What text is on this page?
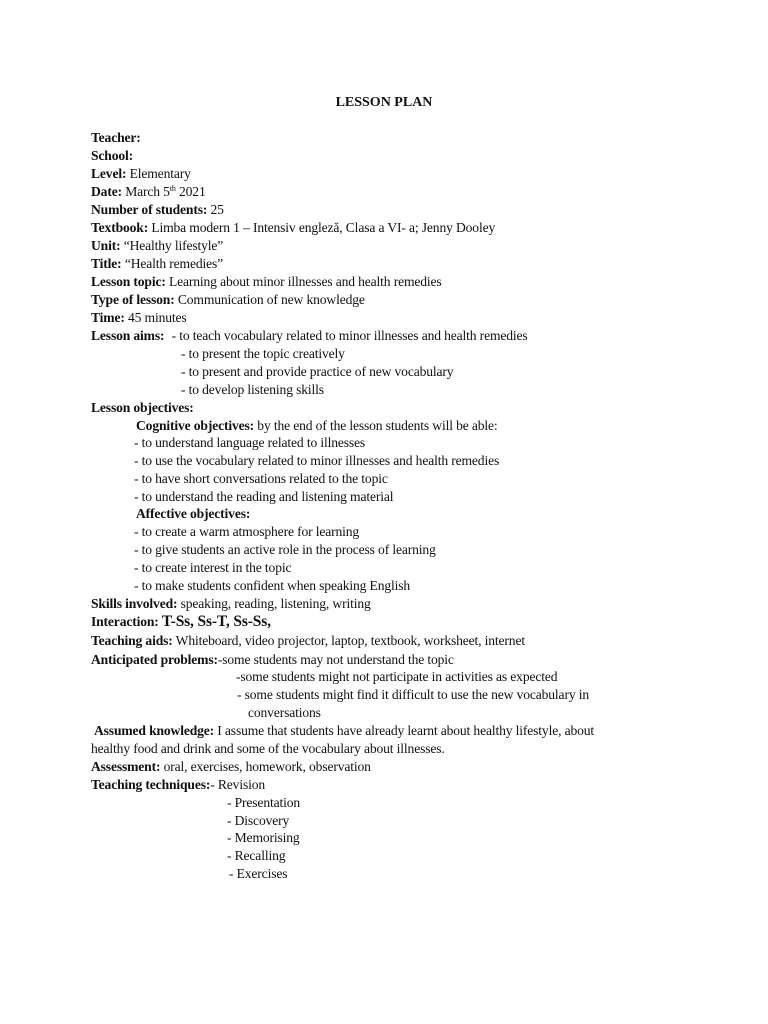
LESSON PLAN
Teacher:
School:
Level: Elementary
Date: March 5th 2021
Number of students: 25
Textbook: Limba modern 1 – Intensiv engleză, Clasa a VI- a; Jenny Dooley
Unit: “Healthy lifestyle”
Title: “Health remedies”
Lesson topic: Learning about minor illnesses and health remedies
Type of lesson: Communication of new knowledge
Time: 45 minutes
Lesson aims: - to teach vocabulary related to minor illnesses and health remedies
- to present the topic creatively
- to present and provide practice of new vocabulary
- to develop listening skills
Lesson objectives:
Cognitive objectives: by the end of the lesson students will be able:
- to understand language related to illnesses
- to use the vocabulary related to minor illnesses and health remedies
- to have short conversations related to the topic
- to understand the reading and listening material
Affective objectives:
- to create a warm atmosphere for learning
- to give students an active role in the process of learning
- to create interest in the topic
- to make students confident when speaking English
Skills involved: speaking, reading, listening, writing
Interaction: T-Ss, Ss-T, Ss-Ss,
Teaching aids: Whiteboard, video projector, laptop, textbook, worksheet, internet
Anticipated problems:-some students may not understand the topic
-some students might not participate in activities as expected
- some students might find it difficult to use the new vocabulary in
conversations
Assumed knowledge: I assume that students have already learnt about healthy lifestyle, about
healthy food and drink and some of the vocabulary about illnesses.
Assessment: oral, exercises, homework, observation
Teaching techniques:- Revision
- Presentation
- Discovery
- Memorising
- Recalling
- Exercises
